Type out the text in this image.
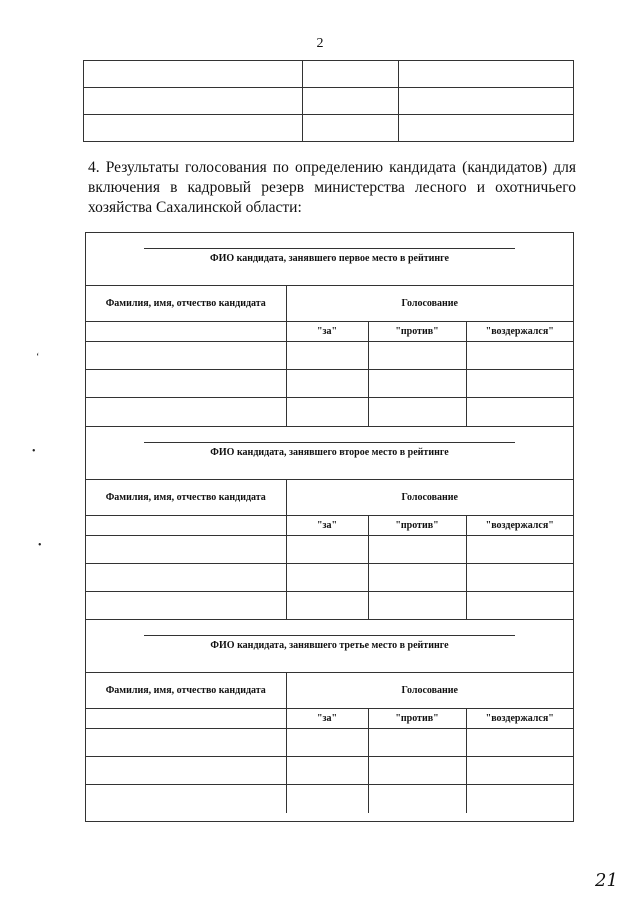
2

4. Результаты голосования по определению кандидата (кандидатов) для включения в кадровый резерв министерства лесного и охотничьего хозяйства Сахалинской области:
ФИО кандидата, занявшего первое место в рейтинге
Фамилия, имя, отчество кандидата	Голосование		
	"за"	"против"	"воздержался"

ФИО кандидата, занявшего второе место в рейтинге
Фамилия, имя, отчество кандидата	Голосование		
	"за"	"против"	"воздержался"

ФИО кандидата, занявшего третье место в рейтинге
Фамилия, имя, отчество кандидата	Голосование		
	"за"	"против"	"воздержался"

‘
•
•
21
